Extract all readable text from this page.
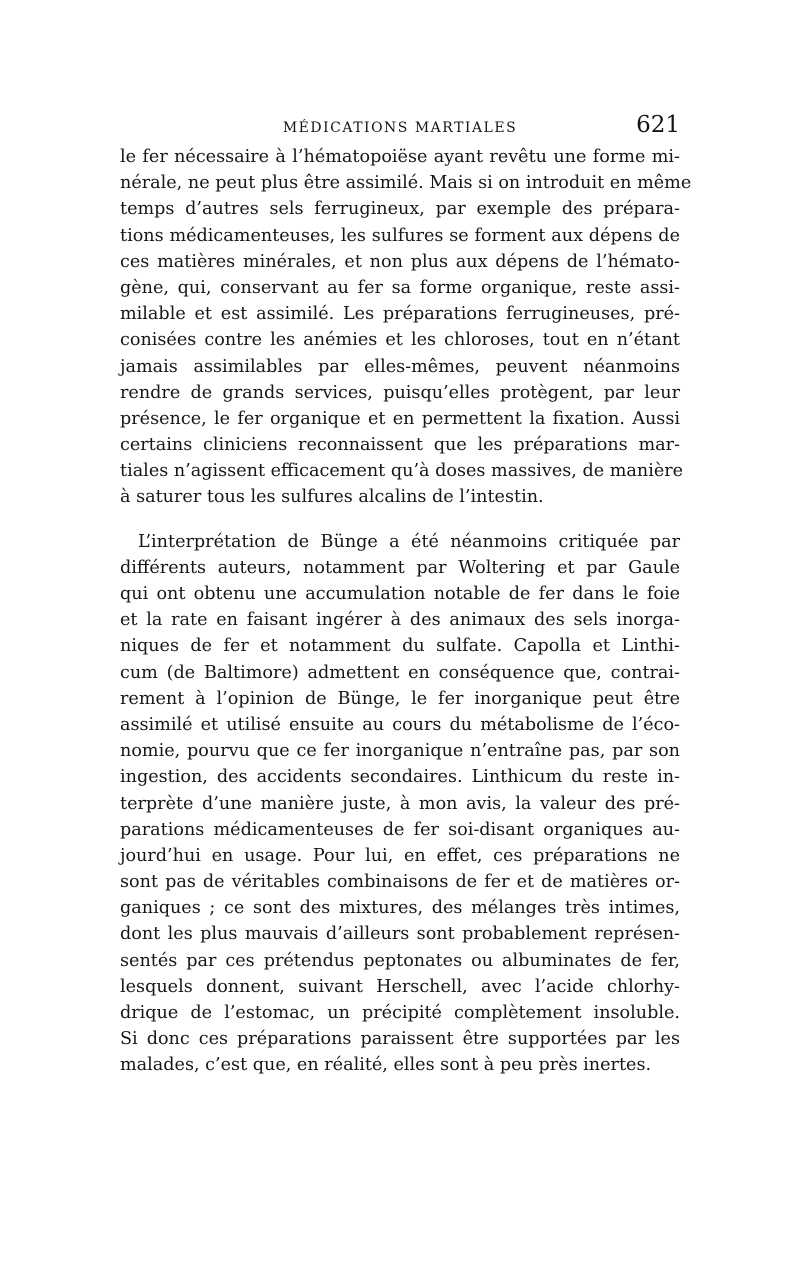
MÉDICATIONS MARTIALES	621
le fer nécessaire à l’hématopoiëse ayant revêtu une forme mi-
nérale, ne peut plus être assimilé. Mais si on introduit en même
temps d’autres sels ferrugineux, par exemple des prépara-
tions médicamenteuses, les sulfures se forment aux dépens de
ces matières minérales, et non plus aux dépens de l’hémato-
gène, qui, conservant au fer sa forme organique, reste assi-
milable et est assimilé. Les préparations ferrugineuses, pré-
conisées contre les anémies et les chloroses, tout en n’étant
jamais assimilables par elles-mêmes, peuvent néanmoins
rendre de grands services, puisqu’elles protègent, par leur
présence, le fer organique et en permettent la fixation. Aussi
certains cliniciens reconnaissent que les préparations mar-
tiales n’agissent efficacement qu’à doses massives, de manière
à saturer tous les sulfures alcalins de l’intestin.
L’interprétation de Bünge a été néanmoins critiquée par
différents auteurs, notamment par Woltering et par Gaule
qui ont obtenu une accumulation notable de fer dans le foie
et la rate en faisant ingérer à des animaux des sels inorga-
niques de fer et notamment du sulfate. Capolla et Linthi-
cum (de Baltimore) admettent en conséquence que, contrai-
rement à l’opinion de Bünge, le fer inorganique peut être
assimilé et utilisé ensuite au cours du métabolisme de l’éco-
nomie, pourvu que ce fer inorganique n’entraîne pas, par son
ingestion, des accidents secondaires. Linthicum du reste in-
terprète d’une manière juste, à mon avis, la valeur des pré-
parations médicamenteuses de fer soi-disant organiques au-
jourd’hui en usage. Pour lui, en effet, ces préparations ne
sont pas de véritables combinaisons de fer et de matières or-
ganiques ; ce sont des mixtures, des mélanges très intimes,
dont les plus mauvais d’ailleurs sont probablement représen-
sentés par ces prétendus peptonates ou albuminates de fer,
lesquels donnent, suivant Herschell, avec l’acide chlorhy-
drique de l’estomac, un précipité complètement insoluble.
Si donc ces préparations paraissent être supportées par les
malades, c’est que, en réalité, elles sont à peu près inertes.
